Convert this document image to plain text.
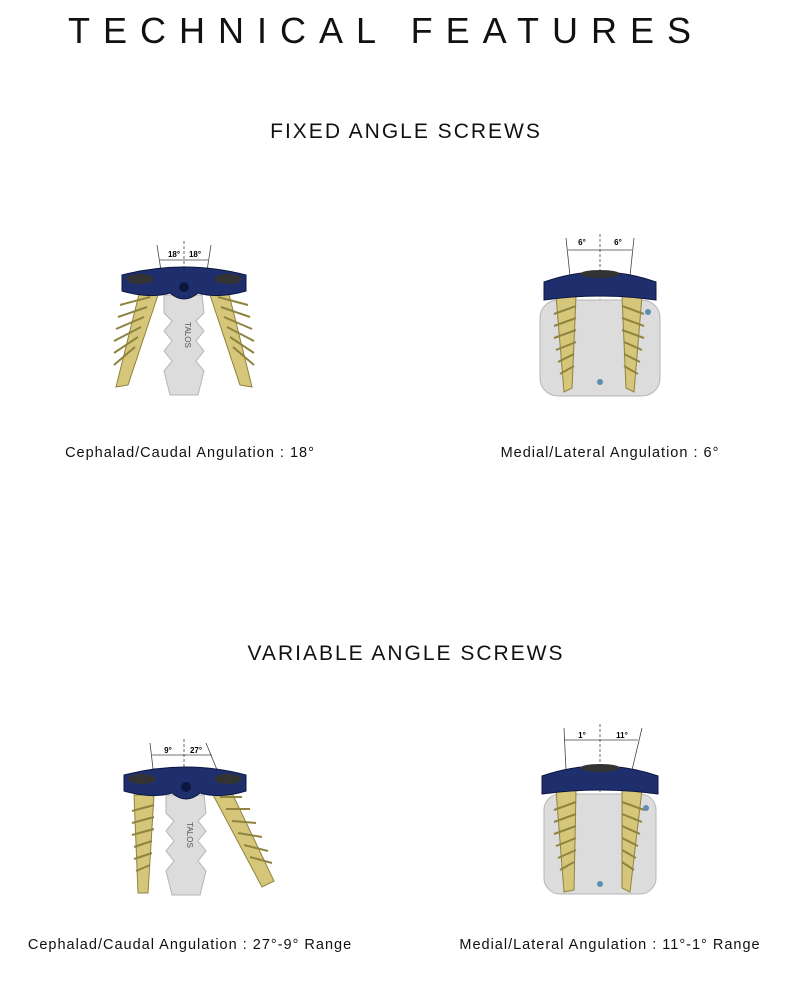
TECHNICAL FEATURES
FIXED ANGLE SCREWS
18° 18°
TALOS
Cephalad/Caudal Angulation : 18°
6°	6°
Medial/Lateral Angulation : 6°
VARIABLE ANGLE SCREWS
9° 27°
TALOS
Cephalad/Caudal Angulation : 27°-9° Range
1°	11°
Medial/Lateral Angulation : 11°-1° Range
